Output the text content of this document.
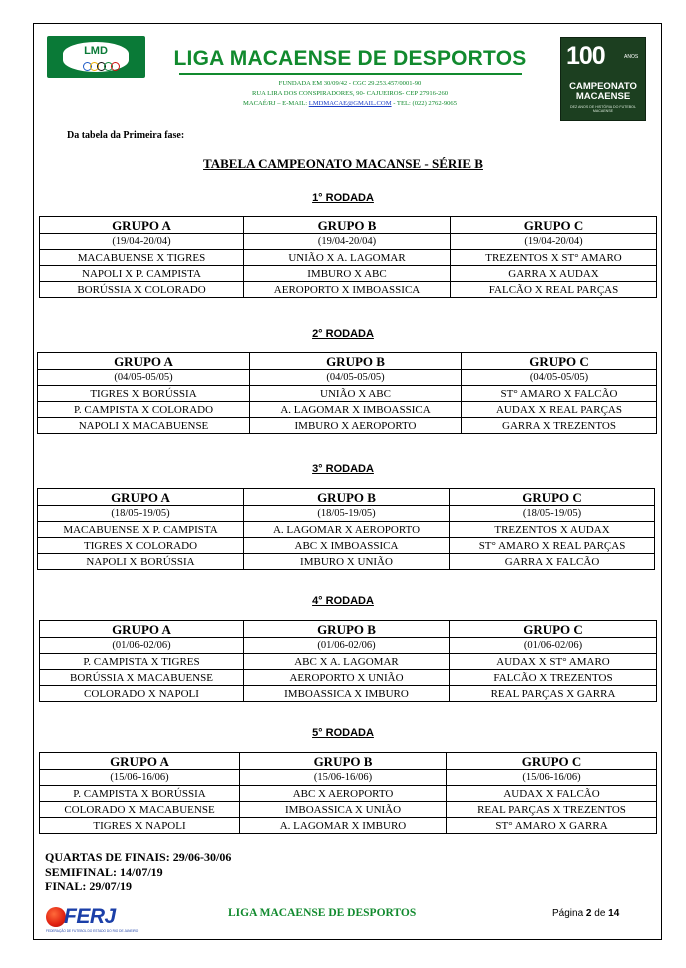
LMD	LIGA MACAENSE DE DESPORTOS
FUNDADA EM 30/09/42 - CGC 29.253.457/0001-90
RUA LIRA DOS CONSPIRADORES, 90- CAJUEIROS- CEP 27916-260
MACAÉ/RJ – E-MAIL: LMDMACAE@GMAIL.COM - TEL: (022) 2762-9065
100	ANOS
CAMPEONATO
MACAENSE
DEZ ANOS DE HISTÓRIA DO FUTEBOL MACAENSE
Da tabela da Primeira fase:
TABELA CAMPEONATO MACANSE - SÉRIE B
1° RODADA
GRUPO A	GRUPO B	GRUPO C
(19/04-20/04)	(19/04-20/04)	(19/04-20/04)
MACABUENSE X TIGRES	UNIÃO X A. LAGOMAR	TREZENTOS X ST° AMARO
NAPOLI X P. CAMPISTA	IMBURO X ABC	GARRA X AUDAX
BORÚSSIA X COLORADO	AEROPORTO X IMBOASSICA	FALCÃO X REAL PARÇAS
2° RODADA
GRUPO A	GRUPO B	GRUPO C
(04/05-05/05)	(04/05-05/05)	(04/05-05/05)
TIGRES X BORÚSSIA	UNIÃO X ABC	ST° AMARO X FALCÃO
P. CAMPISTA X COLORADO	A. LAGOMAR X IMBOASSICA	AUDAX X REAL PARÇAS
NAPOLI X MACABUENSE	IMBURO X AEROPORTO	GARRA X TREZENTOS
3° RODADA
GRUPO A	GRUPO B	GRUPO C
(18/05-19/05)	(18/05-19/05)	(18/05-19/05)
MACABUENSE X P. CAMPISTA	A. LAGOMAR X AEROPORTO	TREZENTOS X AUDAX
TIGRES X COLORADO	ABC X IMBOASSICA	ST° AMARO X REAL PARÇAS
NAPOLI X BORÚSSIA	IMBURO X UNIÃO	GARRA X FALCÃO
4° RODADA
GRUPO A	GRUPO B	GRUPO C
(01/06-02/06)	(01/06-02/06)	(01/06-02/06)
P. CAMPISTA X TIGRES	ABC X A. LAGOMAR	AUDAX X ST° AMARO
BORÚSSIA X MACABUENSE	AEROPORTO X UNIÃO	FALCÃO X TREZENTOS
COLORADO X NAPOLI	IMBOASSICA X IMBURO	REAL PARÇAS X GARRA
5° RODADA
GRUPO A	GRUPO B	GRUPO C
(15/06-16/06)	(15/06-16/06)	(15/06-16/06)
P. CAMPISTA X BORÚSSIA	ABC X AEROPORTO	AUDAX X FALCÃO
COLORADO X MACABUENSE	IMBOASSICA X UNIÃO	REAL PARÇAS X TREZENTOS
TIGRES X NAPOLI	A. LAGOMAR X IMBURO	ST° AMARO X GARRA
QUARTAS DE FINAIS: 29/06-30/06
SEMIFINAL: 14/07/19
FINAL: 29/07/19
FERJ
FEDERAÇÃO DE FUTEBOL DO ESTADO DO RIO DE JANEIRO
LIGA MACAENSE DE DESPORTOS	Página 2 de 14
